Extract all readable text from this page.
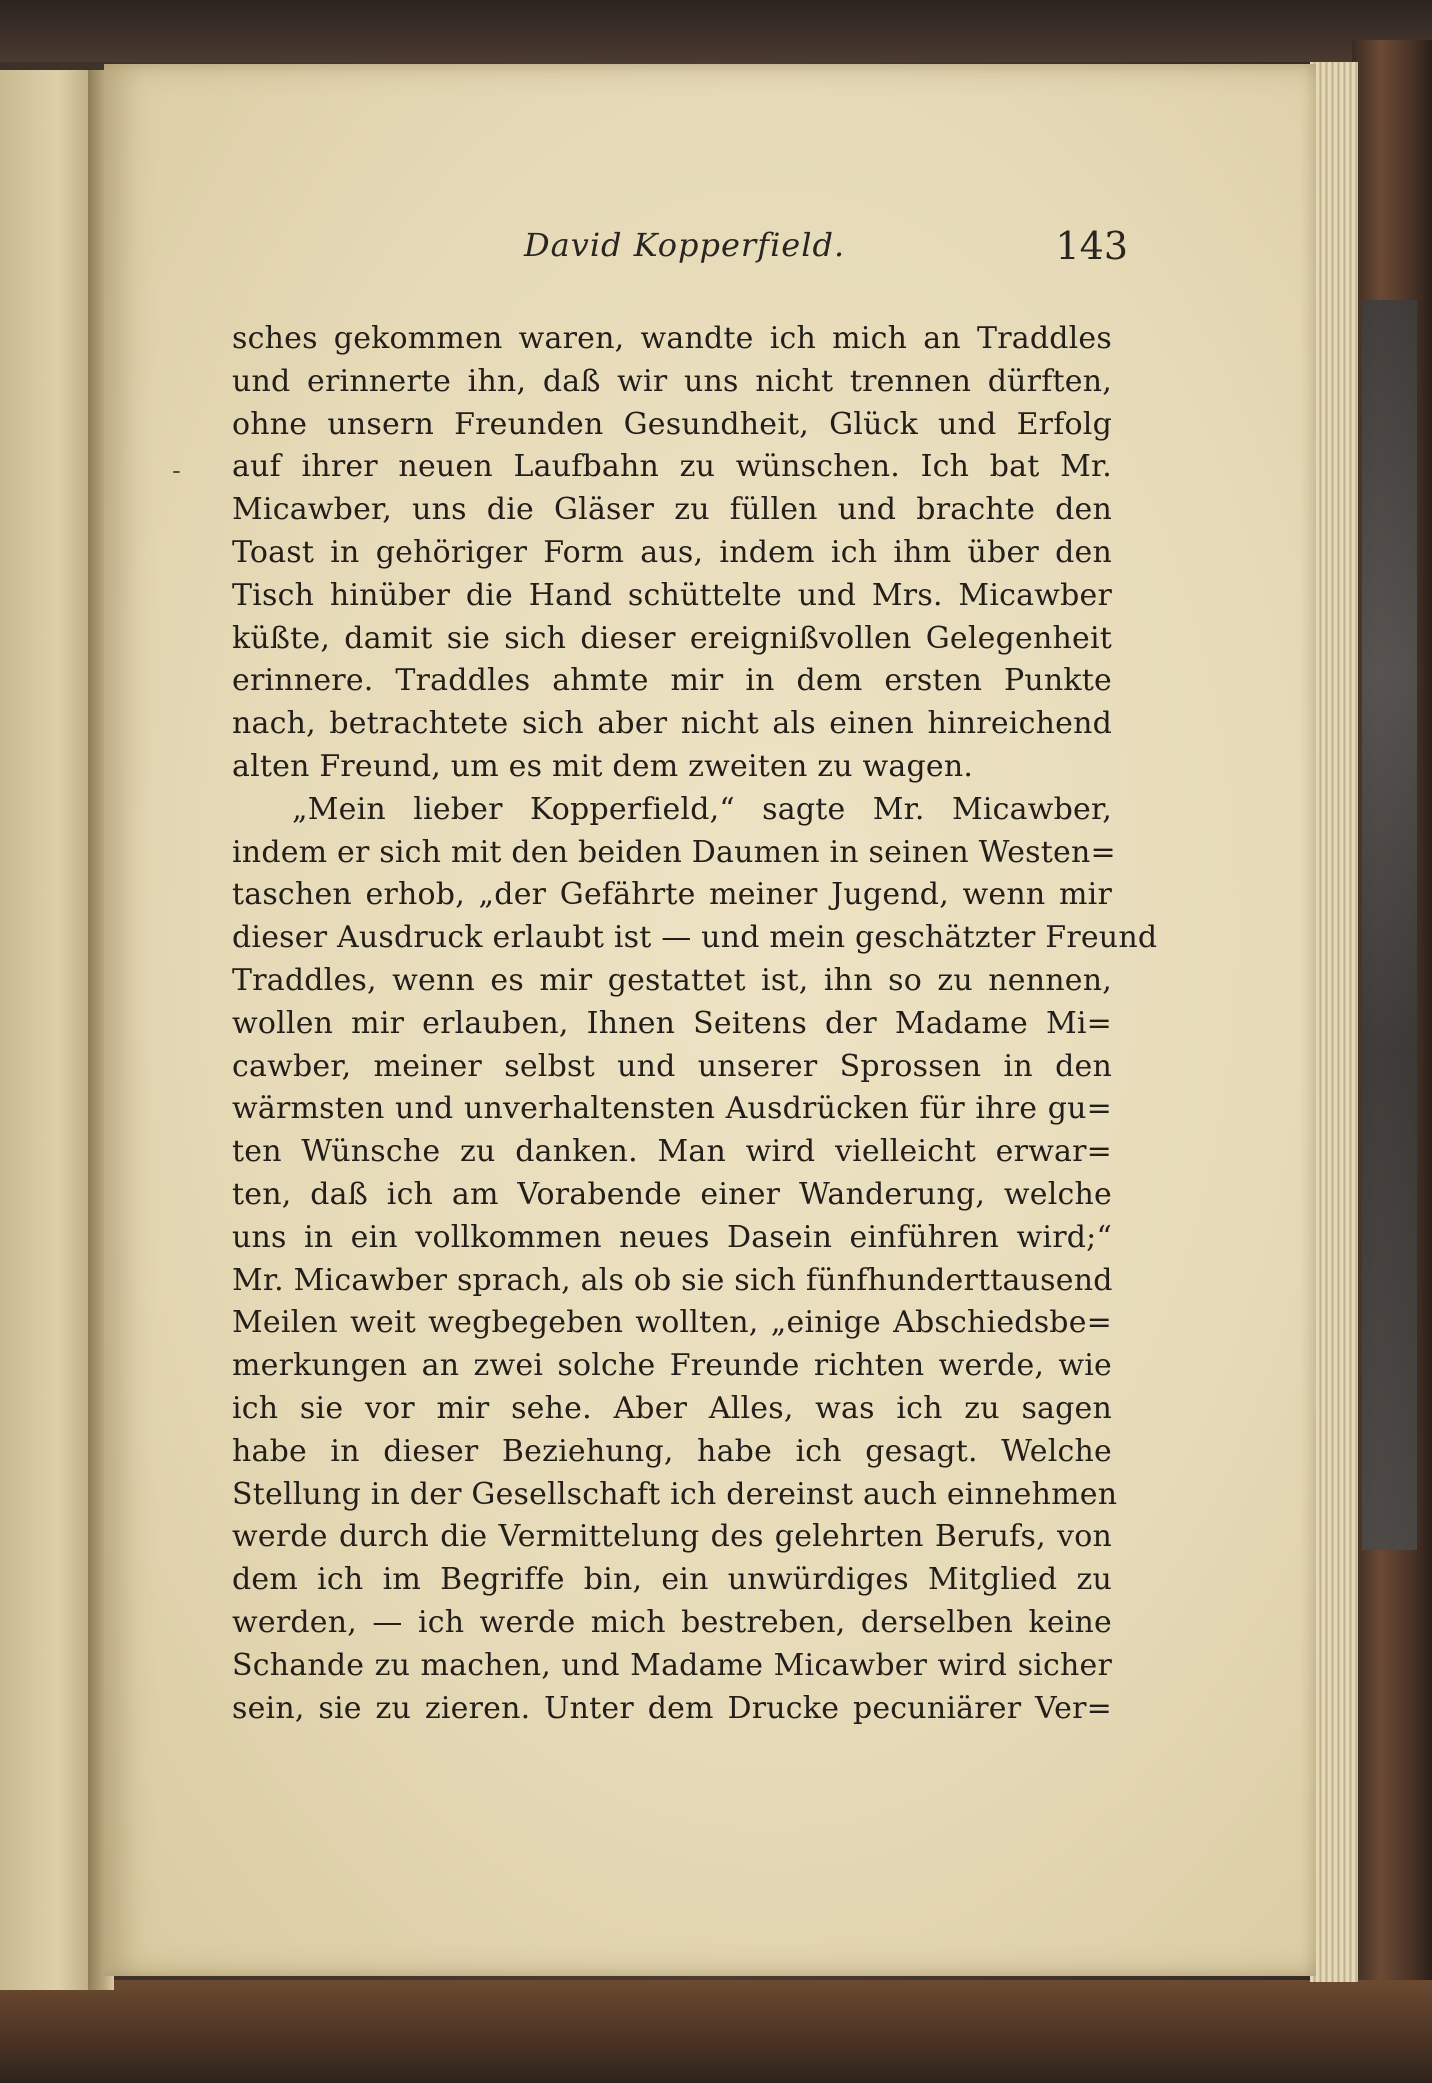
David Kopperfield.	143
-
sches gekommen waren, wandte ich mich an Traddles
und erinnerte ihn, daß wir uns nicht trennen dürften,
ohne unsern Freunden Gesundheit, Glück und Erfolg
auf ihrer neuen Laufbahn zu wünschen. Ich bat Mr.
Micawber, uns die Gläser zu füllen und brachte den
Toast in gehöriger Form aus, indem ich ihm über den
Tisch hinüber die Hand schüttelte und Mrs. Micawber
küßte, damit sie sich dieser ereignißvollen Gelegenheit
erinnere. Traddles ahmte mir in dem ersten Punkte
nach, betrachtete sich aber nicht als einen hinreichend
alten Freund, um es mit dem zweiten zu wagen.
„Mein lieber Kopperfield,“ sagte Mr. Micawber,
indem er sich mit den beiden Daumen in seinen Westen=
taschen erhob, „der Gefährte meiner Jugend, wenn mir
dieser Ausdruck erlaubt ist — und mein geschätzter Freund
Traddles, wenn es mir gestattet ist, ihn so zu nennen,
wollen mir erlauben, Ihnen Seitens der Madame Mi=
cawber, meiner selbst und unserer Sprossen in den
wärmsten und unverhaltensten Ausdrücken für ihre gu=
ten Wünsche zu danken. Man wird vielleicht erwar=
ten, daß ich am Vorabende einer Wanderung, welche
uns in ein vollkommen neues Dasein einführen wird;“
Mr. Micawber sprach, als ob sie sich fünfhunderttausend
Meilen weit wegbegeben wollten, „einige Abschiedsbe=
merkungen an zwei solche Freunde richten werde, wie
ich sie vor mir sehe. Aber Alles, was ich zu sagen
habe in dieser Beziehung, habe ich gesagt. Welche
Stellung in der Gesellschaft ich dereinst auch einnehmen
werde durch die Vermittelung des gelehrten Berufs, von
dem ich im Begriffe bin, ein unwürdiges Mitglied zu
werden, — ich werde mich bestreben, derselben keine
Schande zu machen, und Madame Micawber wird sicher
sein, sie zu zieren. Unter dem Drucke pecuniärer Ver=
